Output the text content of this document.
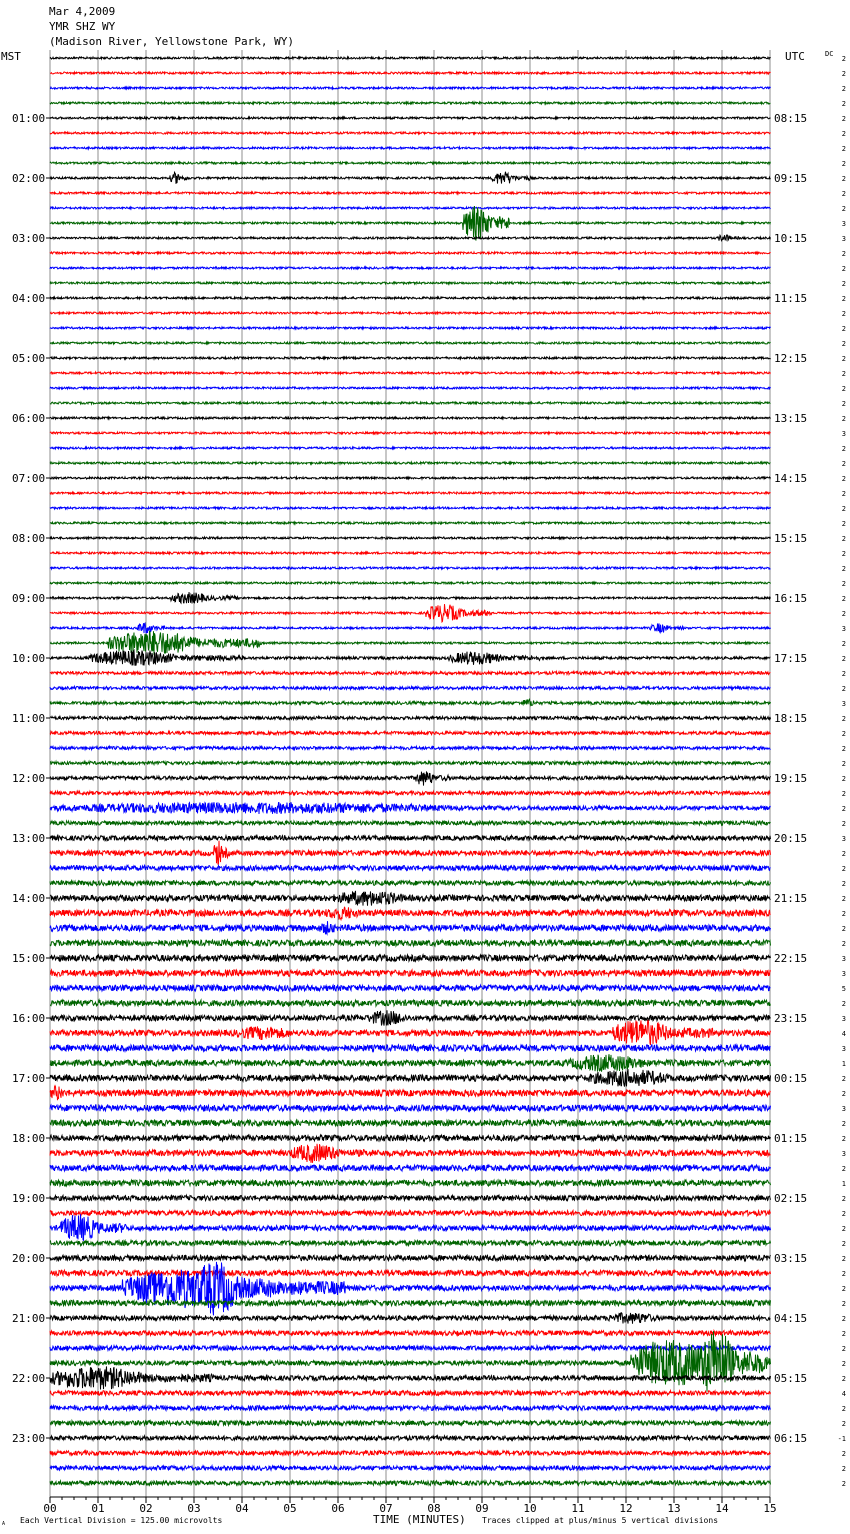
Mar 4,2009
YMR SHZ WY
(Madison River, Yellowstone Park, WY)
MST	UTC	DC
01:00
02:00
03:00
04:00
05:00
06:00
07:00
08:00
09:00
10:00
11:00
12:00
13:00
14:00
15:00
16:00
17:00
18:00
19:00
20:00
21:00
22:00
23:00
08:15
09:15
10:15
11:15
12:15
13:15
14:15
15:15
16:15
17:15
18:15
19:15
20:15
21:15
22:15
23:15
00:15
01:15
02:15
03:15
04:15
05:15
06:15
2
2
2
2
2
2
2
2
2
2
2
3
3
2
2
2
2
2
2
2
2
2
2
2
2
3
2
2
2
2
2
2
2
2
2
2
2
2
3
2
2
2
2
3
2
2
2
2
2
2
2
2
3
2
2
2
2
2
2
2
3
3
5
2
3
4
3
1
2
2
3
2
2
3
2
1
2
2
2
2
2
2
2
2
2
2
2
2
2
4
2
2
-1
2
2
2
00	01	02	03	04	05	06	07	08	09	10	11	12	13	14	15
A Each Vertical Division = 125.00 microvolts	TIME (MINUTES) Traces clipped at plus/minus 5 vertical divisions
